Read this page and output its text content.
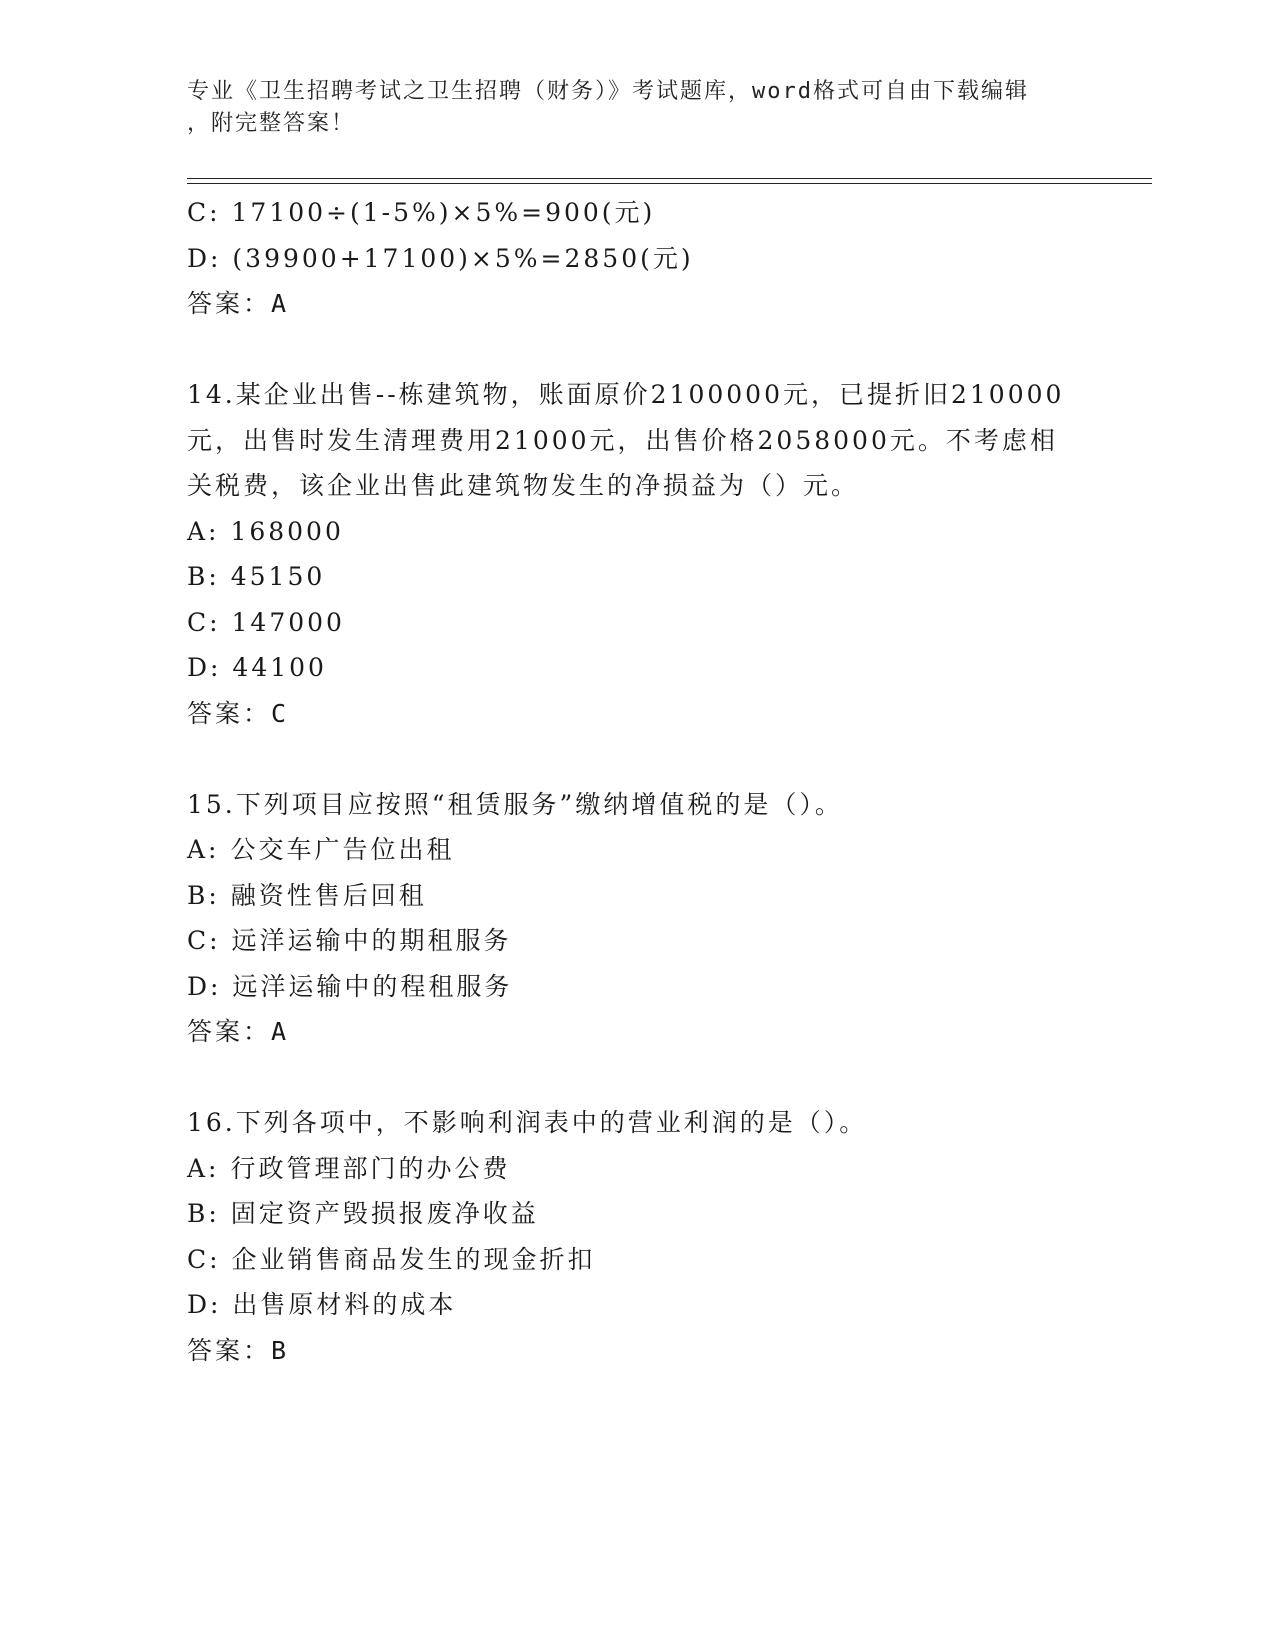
专业《卫生招聘考试之卫生招聘（财务）》考试题库，word格式可自由下载编辑
，附完整答案！
C: 17100÷(1-5%)×5%=900(元)
D: (39900+17100)×5%=2850(元)
答案：A
14.某企业出售--栋建筑物，账面原价2100000元，已提折旧210000
元，出售时发生清理费用21000元，出售价格2058000元。不考虑相
关税费，该企业出售此建筑物发生的净损益为（）元。
A: 168000
B: 45150
C: 147000
D: 44100
答案：C
15.下列项目应按照“租赁服务”缴纳增值税的是（）。
A: 公交车广告位出租
B: 融资性售后回租
C: 远洋运输中的期租服务
D: 远洋运输中的程租服务
答案：A
16.下列各项中，不影响利润表中的营业利润的是（）。
A: 行政管理部门的办公费
B: 固定资产毁损报废净收益
C: 企业销售商品发生的现金折扣
D: 出售原材料的成本
答案：B
